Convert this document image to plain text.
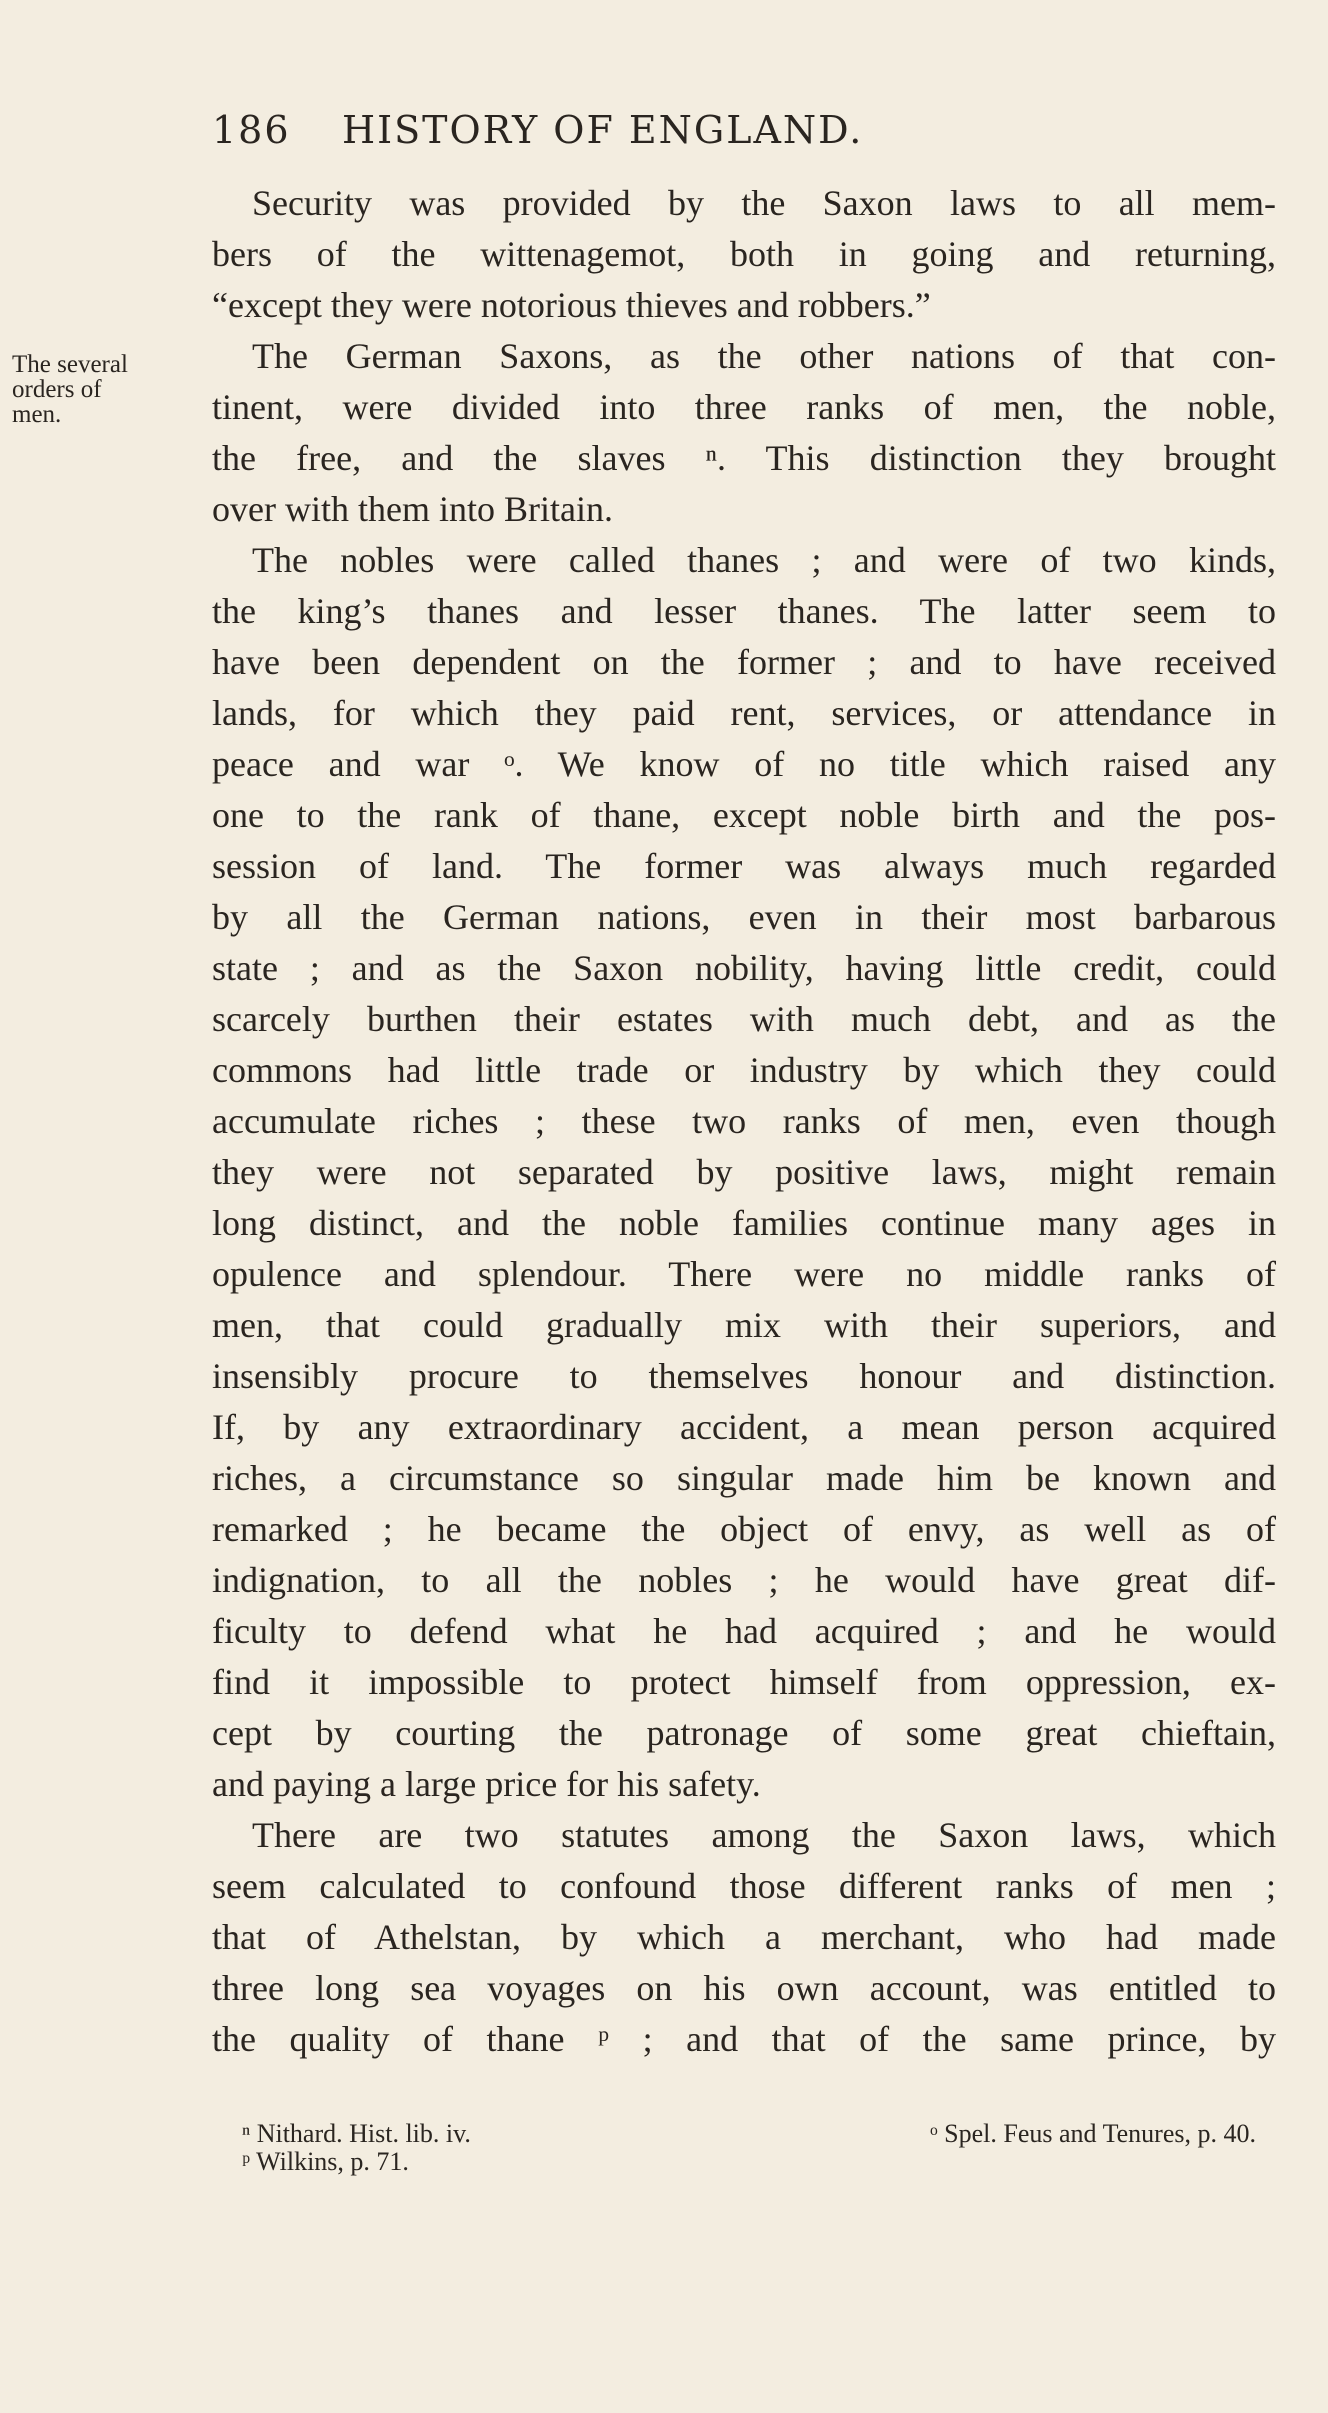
186	HISTORY OF ENGLAND.
The several
orders of
men.
Security was provided by the Saxon laws to all mem-
bers of the wittenagemot, both in going and returning,
“except they were notorious thieves and robbers.”
The German Saxons, as the other nations of that con-
tinent, were divided into three ranks of men, the noble,
the free, and the slaves ⁿ. This distinction they brought
over with them into Britain.
The nobles were called thanes ; and were of two kinds,
the king’s thanes and lesser thanes. The latter seem to
have been dependent on the former ; and to have received
lands, for which they paid rent, services, or attendance in
peace and war ᵒ. We know of no title which raised any
one to the rank of thane, except noble birth and the pos-
session of land. The former was always much regarded
by all the German nations, even in their most barbarous
state ; and as the Saxon nobility, having little credit, could
scarcely burthen their estates with much debt, and as the
commons had little trade or industry by which they could
accumulate riches ; these two ranks of men, even though
they were not separated by positive laws, might remain
long distinct, and the noble families continue many ages in
opulence and splendour. There were no middle ranks of
men, that could gradually mix with their superiors, and
insensibly procure to themselves honour and distinction.
If, by any extraordinary accident, a mean person acquired
riches, a circumstance so singular made him be known and
remarked ; he became the object of envy, as well as of
indignation, to all the nobles ; he would have great dif-
ficulty to defend what he had acquired ; and he would
find it impossible to protect himself from oppression, ex-
cept by courting the patronage of some great chieftain,
and paying a large price for his safety.
There are two statutes among the Saxon laws, which
seem calculated to confound those different ranks of men ;
that of Athelstan, by which a merchant, who had made
three long sea voyages on his own account, was entitled to
the quality of thane ᵖ ; and that of the same prince, by
ⁿ Nithard. Hist. lib. iv.	ᵒ Spel. Feus and Tenures, p. 40.
ᵖ Wilkins, p. 71.
